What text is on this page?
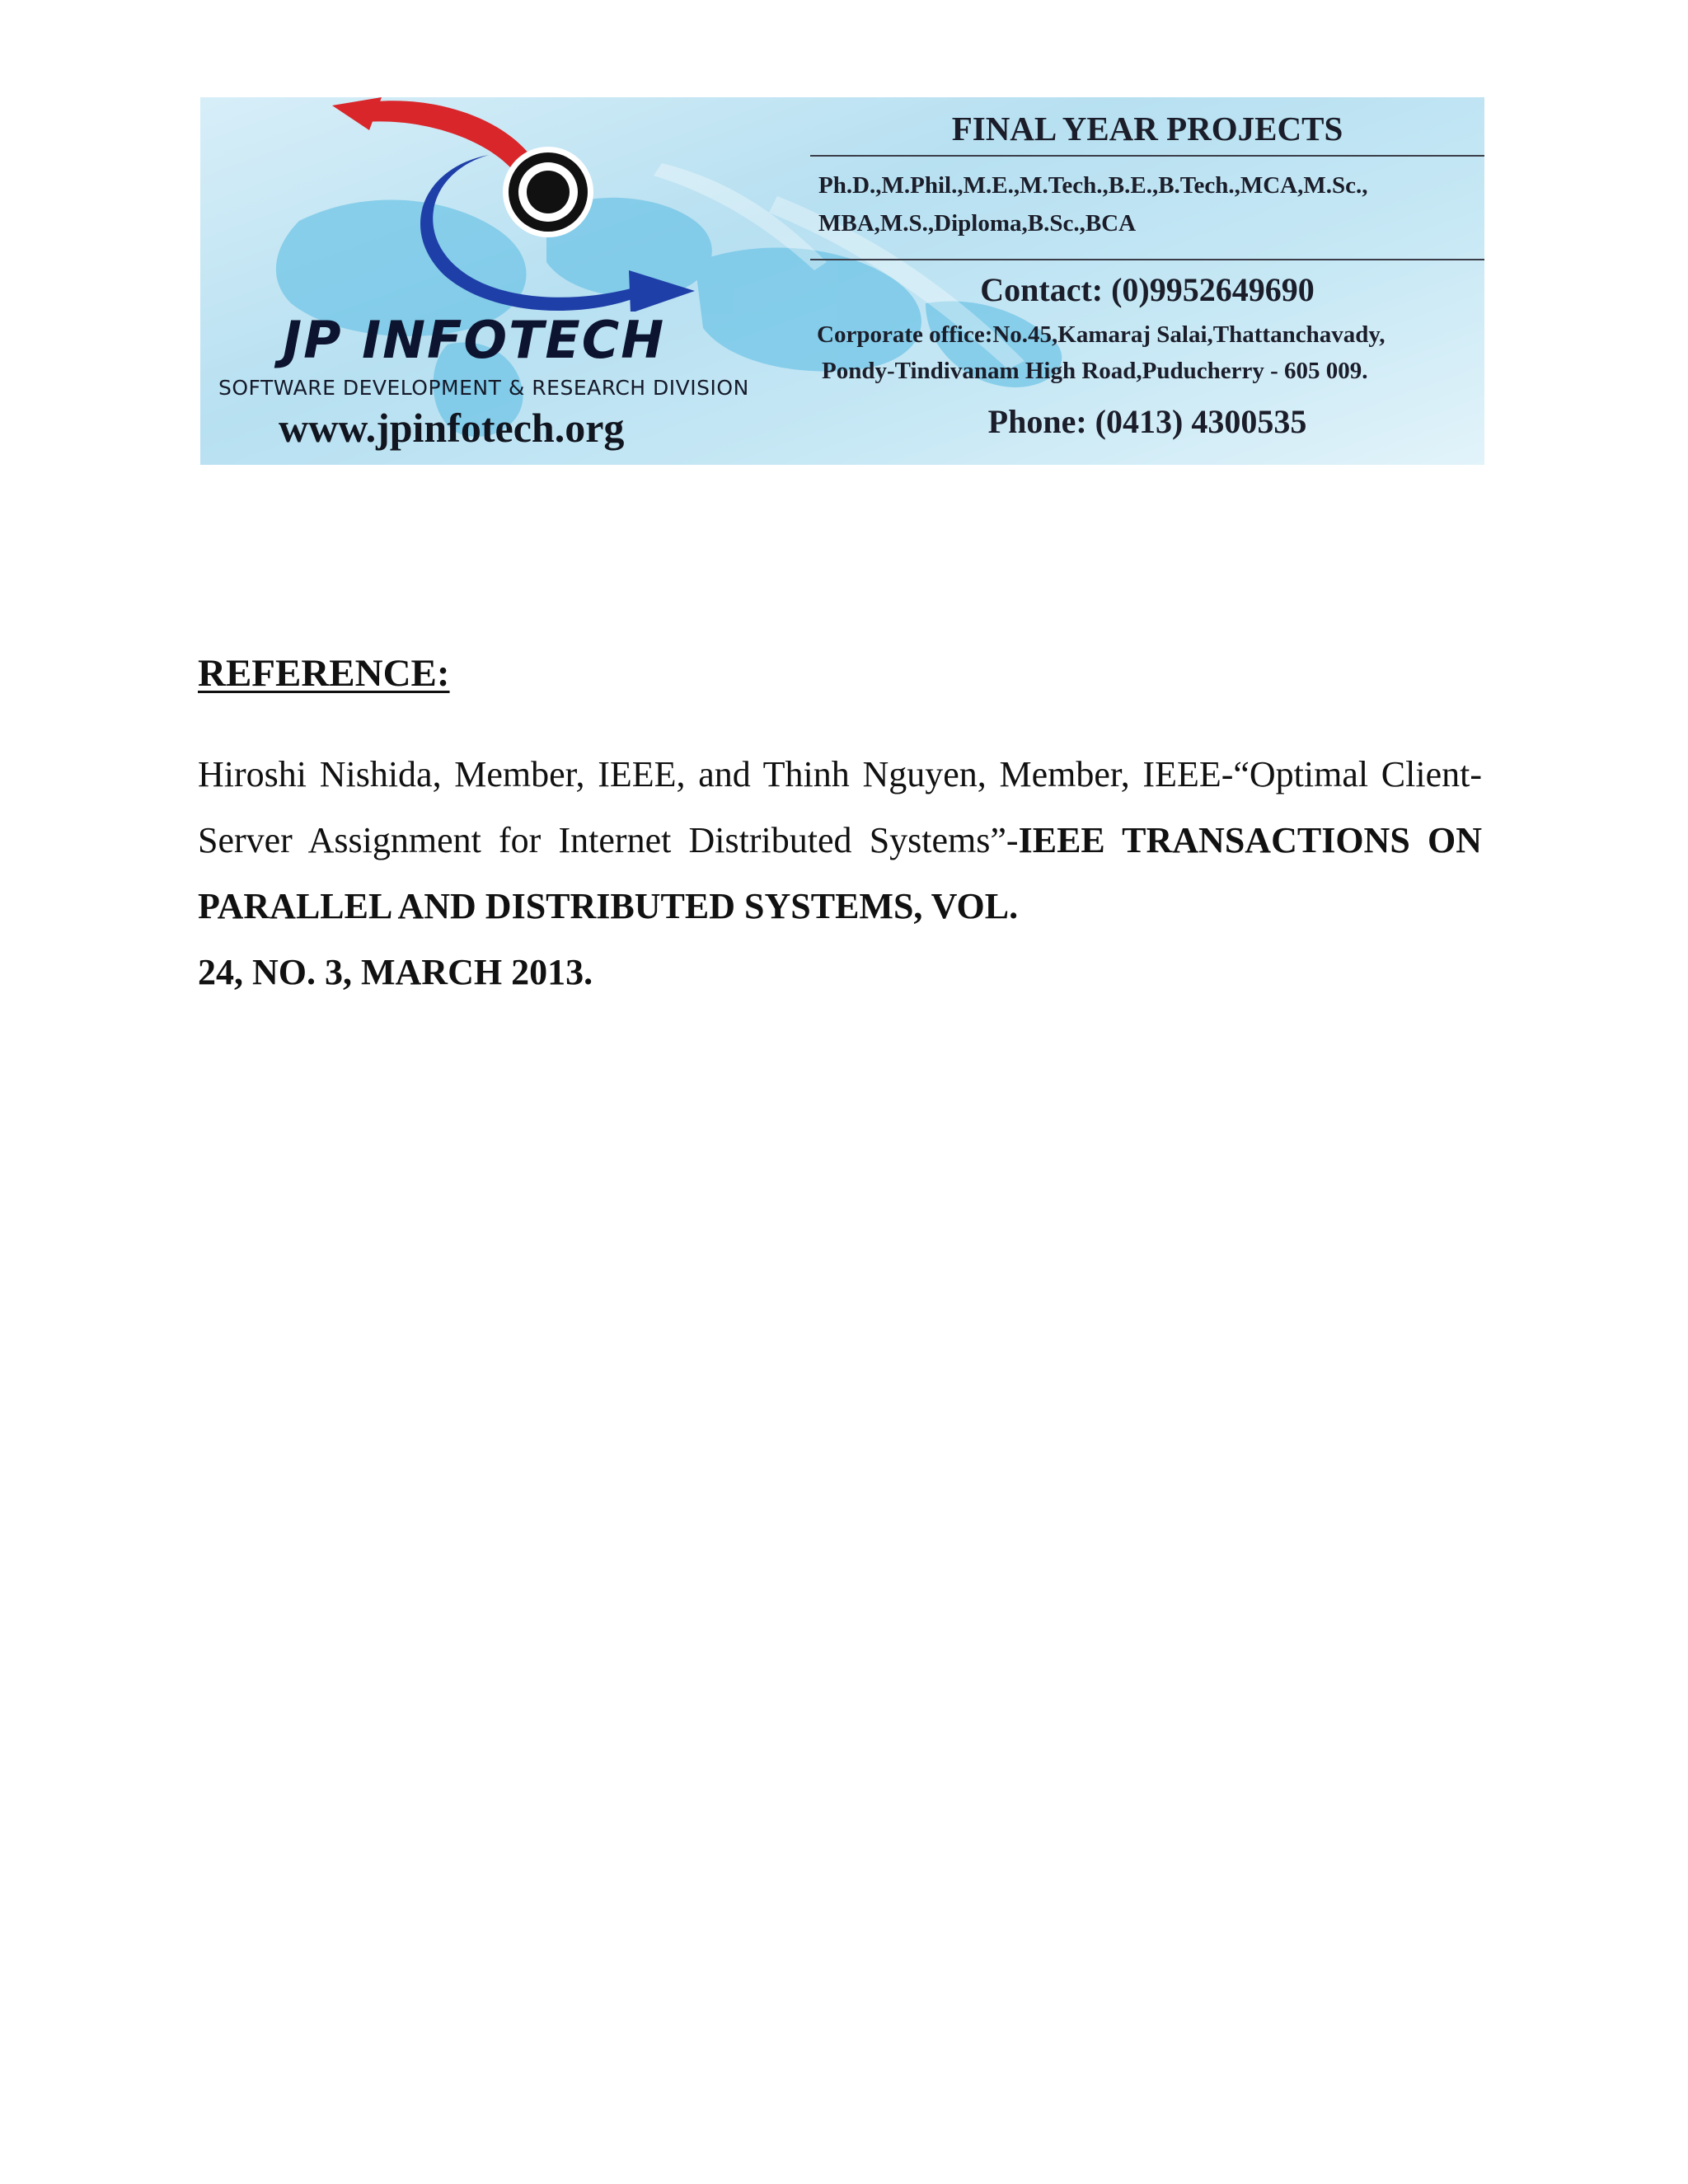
JP INFOTECH
SOFTWARE DEVELOPMENT & RESEARCH DIVISION
www.jpinfotech.org
FINAL YEAR PROJECTS
Ph.D.,M.Phil.,M.E.,M.Tech.,B.E.,B.Tech.,MCA,M.Sc.,
MBA,M.S.,Diploma,B.Sc.,BCA
Contact: (0)9952649690
Corporate office:No.45,Kamaraj Salai,Thattanchavady,
Pondy-Tindivanam High Road,Puducherry - 605 009.
Phone: (0413) 4300535
REFERENCE:
Hiroshi Nishida, Member, IEEE, and Thinh Nguyen, Member, IEEE-“Optimal Client-Server Assignment for Internet Distributed Systems”-IEEE TRANSACTIONS ON PARALLEL AND DISTRIBUTED SYSTEMS, VOL.
24, NO. 3, MARCH 2013.
